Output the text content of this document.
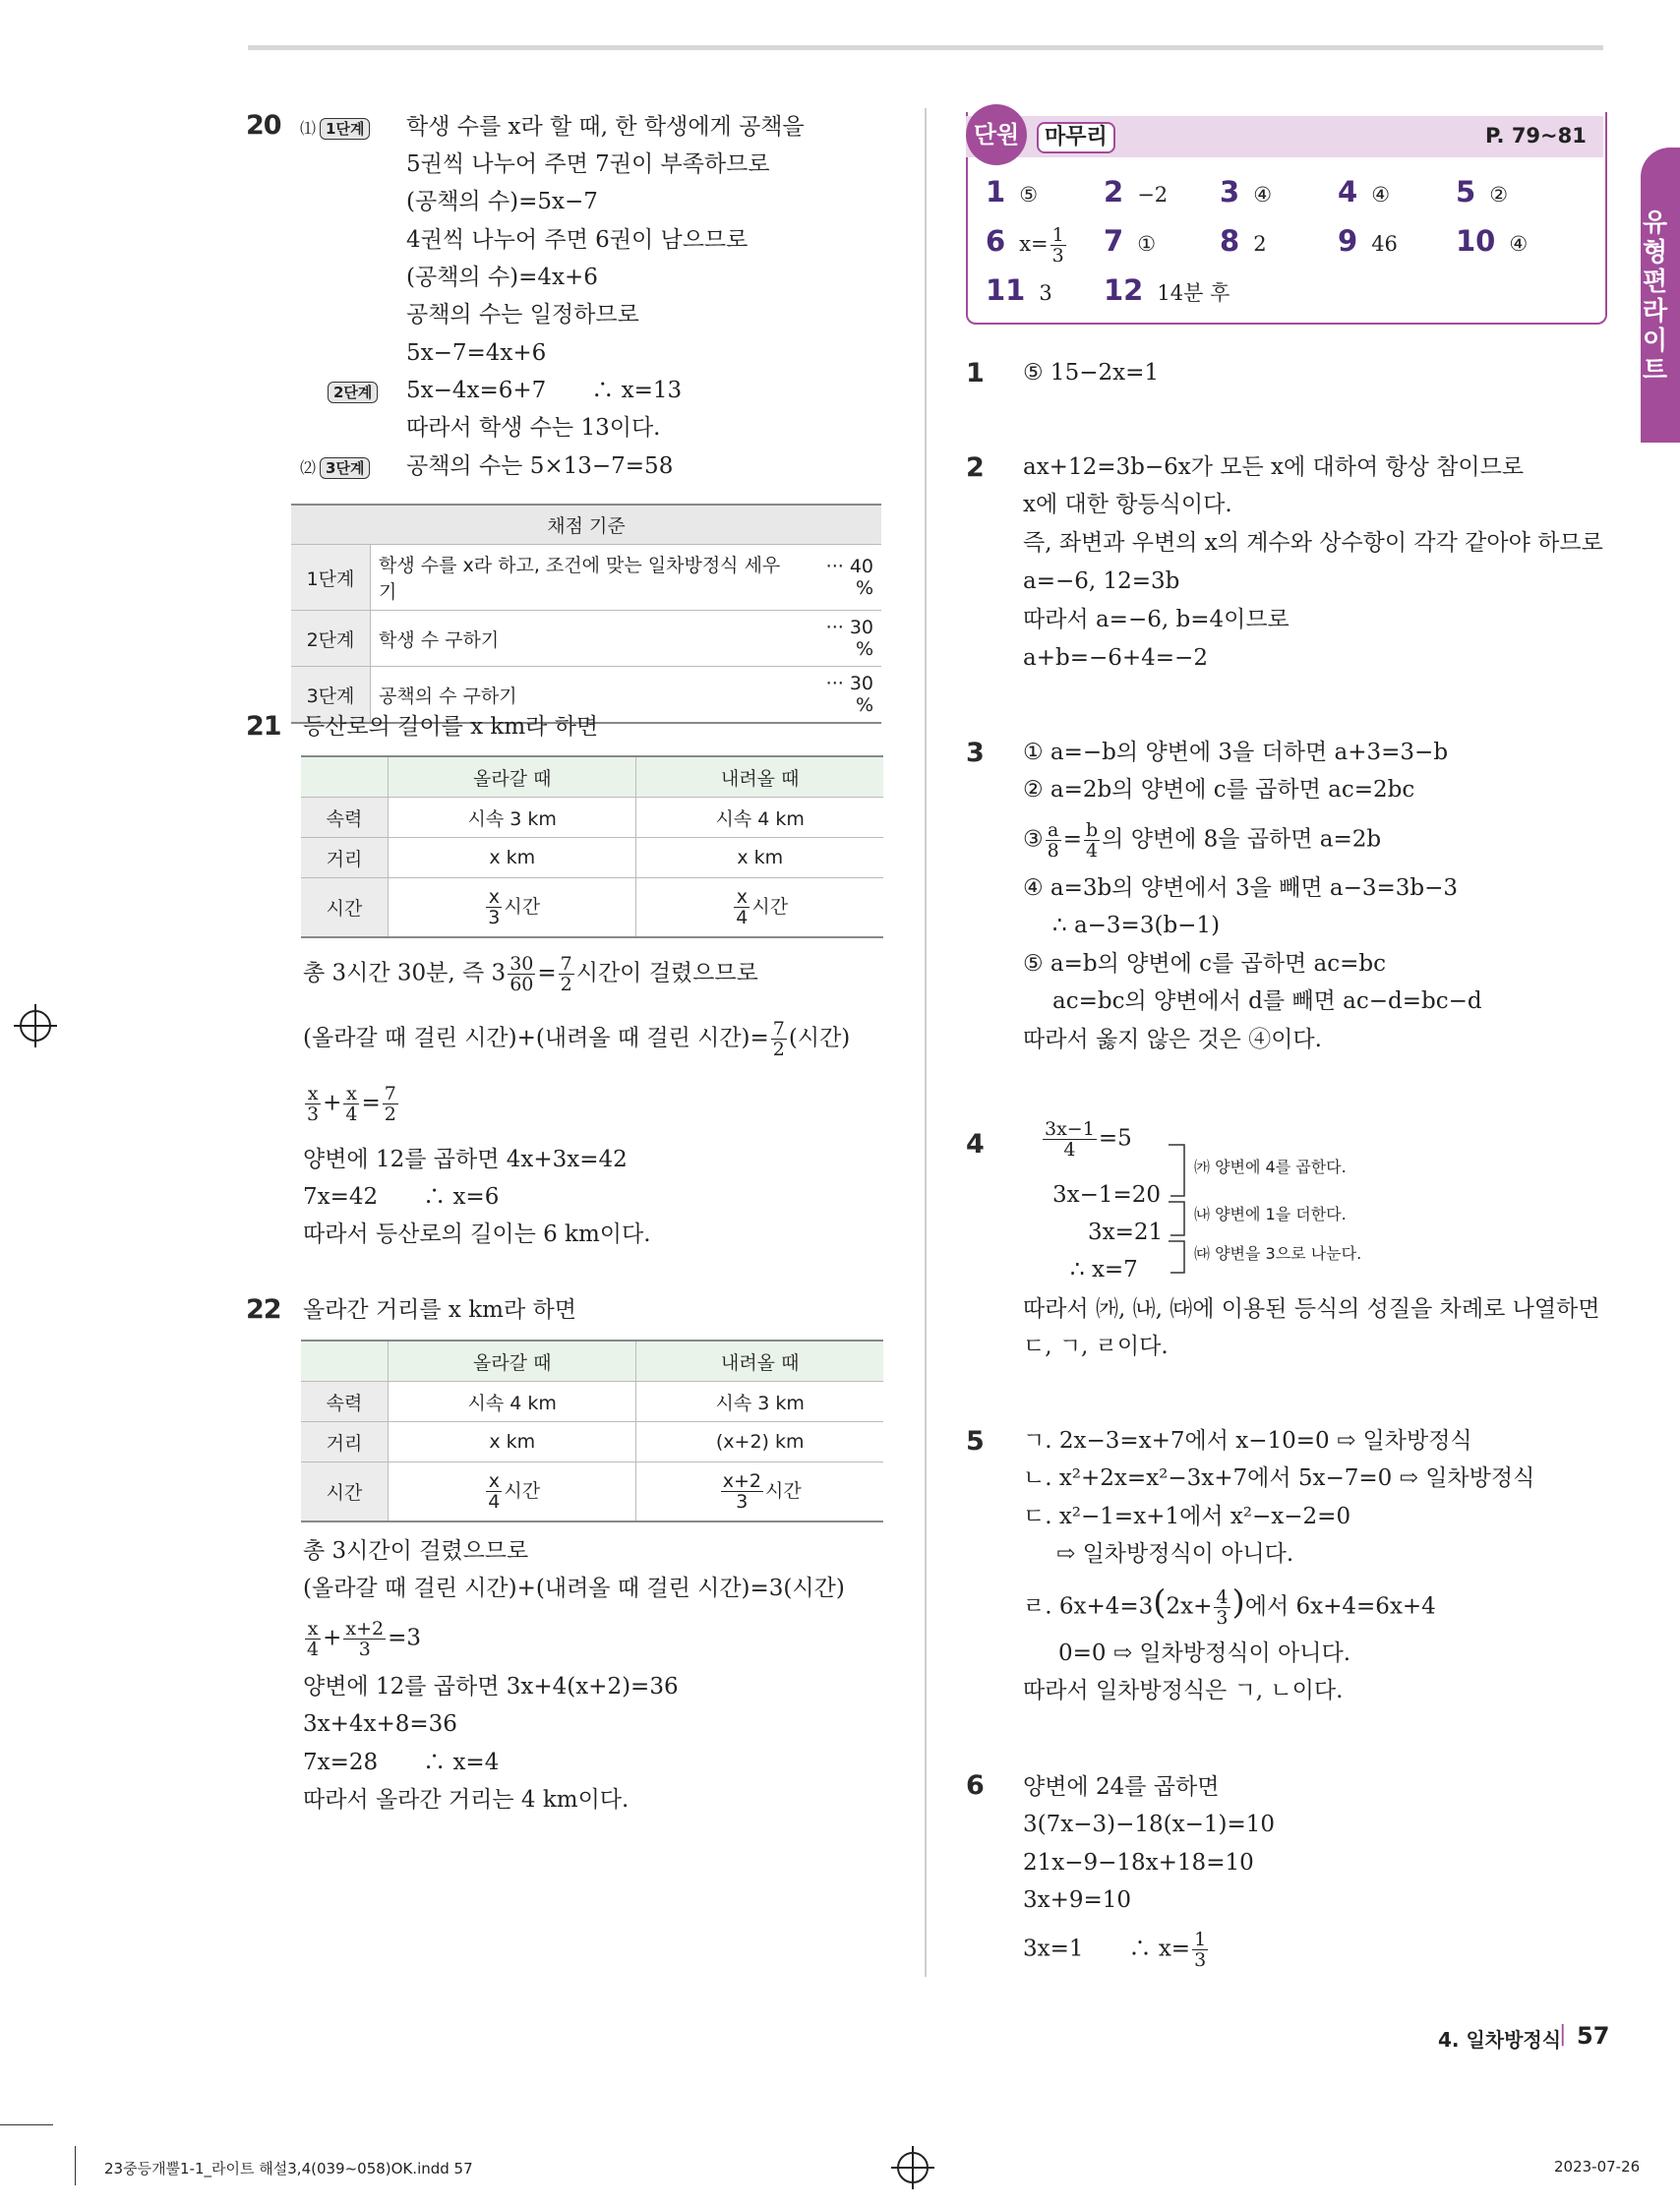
20 ⑴ 1단계	학생 수를 x라 할 때, 한 학생에게 공책을
5권씩 나누어 주면 7권이 부족하므로
(공책의 수)=5x−7
4권씩 나누어 주면 6권이 남으므로
(공책의 수)=4x+6
공책의 수는 일정하므로
5x−7=4x+6
2단계	5x−4x=6+7　　∴ x=13
따라서 학생 수는 13이다.
⑵ 3단계	공책의 수는 5×13−7=58
채점 기준		
1단계	학생 수를 x라 하고, 조건에 맞는 일차방정식 세우기	··· 40 %
2단계	학생 수 구하기	··· 30 %
3단계	공책의 수 구하기	··· 30 %
21 등산로의 길이를 x km라 하면
	올라갈 때	내려올 때
속력	시속 3 km	시속 4 km
거리	x km	x km
시간	$\frac{x}{3}$ 시간	$\frac{x}{4}$ 시간
총 3시간 30분, 즉 $3 \frac{30}{60} = \frac{7}{2}$ 시간이 걸렸으므로
(올라갈 때 걸린 시간)+(내려올 때 걸린 시간)= $\frac{7}{2}$ (시간)
$\frac{x}{3} + \frac{x}{4} = \frac{7}{2}$
양변에 12를 곱하면 4x+3x=42
7x=42　　∴ x=6
따라서 등산로의 길이는 6 km이다.
22 올라간 거리를 x km라 하면
	올라갈 때	내려올 때
속력	시속 4 km	시속 3 km
거리	x km	(x+2) km
시간	$\frac{x}{4}$ 시간	$\frac{x+2}{3}$ 시간
총 3시간이 걸렸으므로
(올라갈 때 걸린 시간)+(내려올 때 걸린 시간)=3(시간)
$\frac{x}{4} + \frac{x+2}{3} =3$
양변에 12를 곱하면 3x+4(x+2)=36
3x+4x+8=36
7x=28　　∴ x=4
따라서 올라간 거리는 4 km이다.
단원	마무리	P. 79~81
1 ⑤ 2 −2 3 ④ 4 ④ 5 ②
6 $x= \frac{1}{3} 7$ ① 8 2 9 46 10 ④
11 3 12 14분 후
유형편 라이트
1 ⑤ 15−2x=1
2 ax+12=3b−6x가 모든 x에 대하여 항상 참이므로
x에 대한 항등식이다.
즉, 좌변과 우변의 x의 계수와 상수항이 각각 같아야 하므로
a=−6, 12=3b
따라서 a=−6, b=4이므로
a+b=−6+4=−2
3 ① a=−b의 양변에 3을 더하면 a+3=3−b
② a=2b의 양변에 c를 곱하면 ac=2bc
③ $\frac{a}{8} = \frac{b}{4}$ 의 양변에 8을 곱하면 a=2b
④ a=3b의 양변에서 3을 빼면 a−3=3b−3
∴ a−3=3(b−1)
⑤ a=b의 양변에 c를 곱하면 ac=bc
ac=bc의 양변에서 d를 빼면 ac−d=bc−d
따라서 옳지 않은 것은 ④이다.
4	$\frac{3x-1}{4} =5$
3x−1=20
3x=21
∴ x=7
㈎ 양변에 4를 곱한다.
㈏ 양변에 1을 더한다.
㈐ 양변을 3으로 나눈다.
따라서 ㈎, ㈏, ㈐에 이용된 등식의 성질을 차례로 나열하면
ㄷ, ㄱ, ㄹ이다.
5 ㄱ. 2x−3=x+7에서 x−10=0 ⇨ 일차방정식
ㄴ. x²+2x=x²−3x+7에서 5x−7=0 ⇨ 일차방정식
ㄷ. x²−1=x+1에서 x²−x−2=0
⇨ 일차방정식이 아니다.
ㄹ. $6x+4=3(2x+ \frac{4}{3}$ )에서 6x+4=6x+4
0=0 ⇨ 일차방정식이 아니다.
따라서 일차방정식은 ㄱ, ㄴ이다.
6 양변에 24를 곱하면
3(7x−3)−18(x−1)=10
21x−9−18x+18=10
3x+9=10
3x=1　　∴ $x= \frac{1}{3}$
4. 일차방정식
| 57
23중등개뿔1-1_라이트 해설3,4(039~058)OK.indd 57	2023-07-26
